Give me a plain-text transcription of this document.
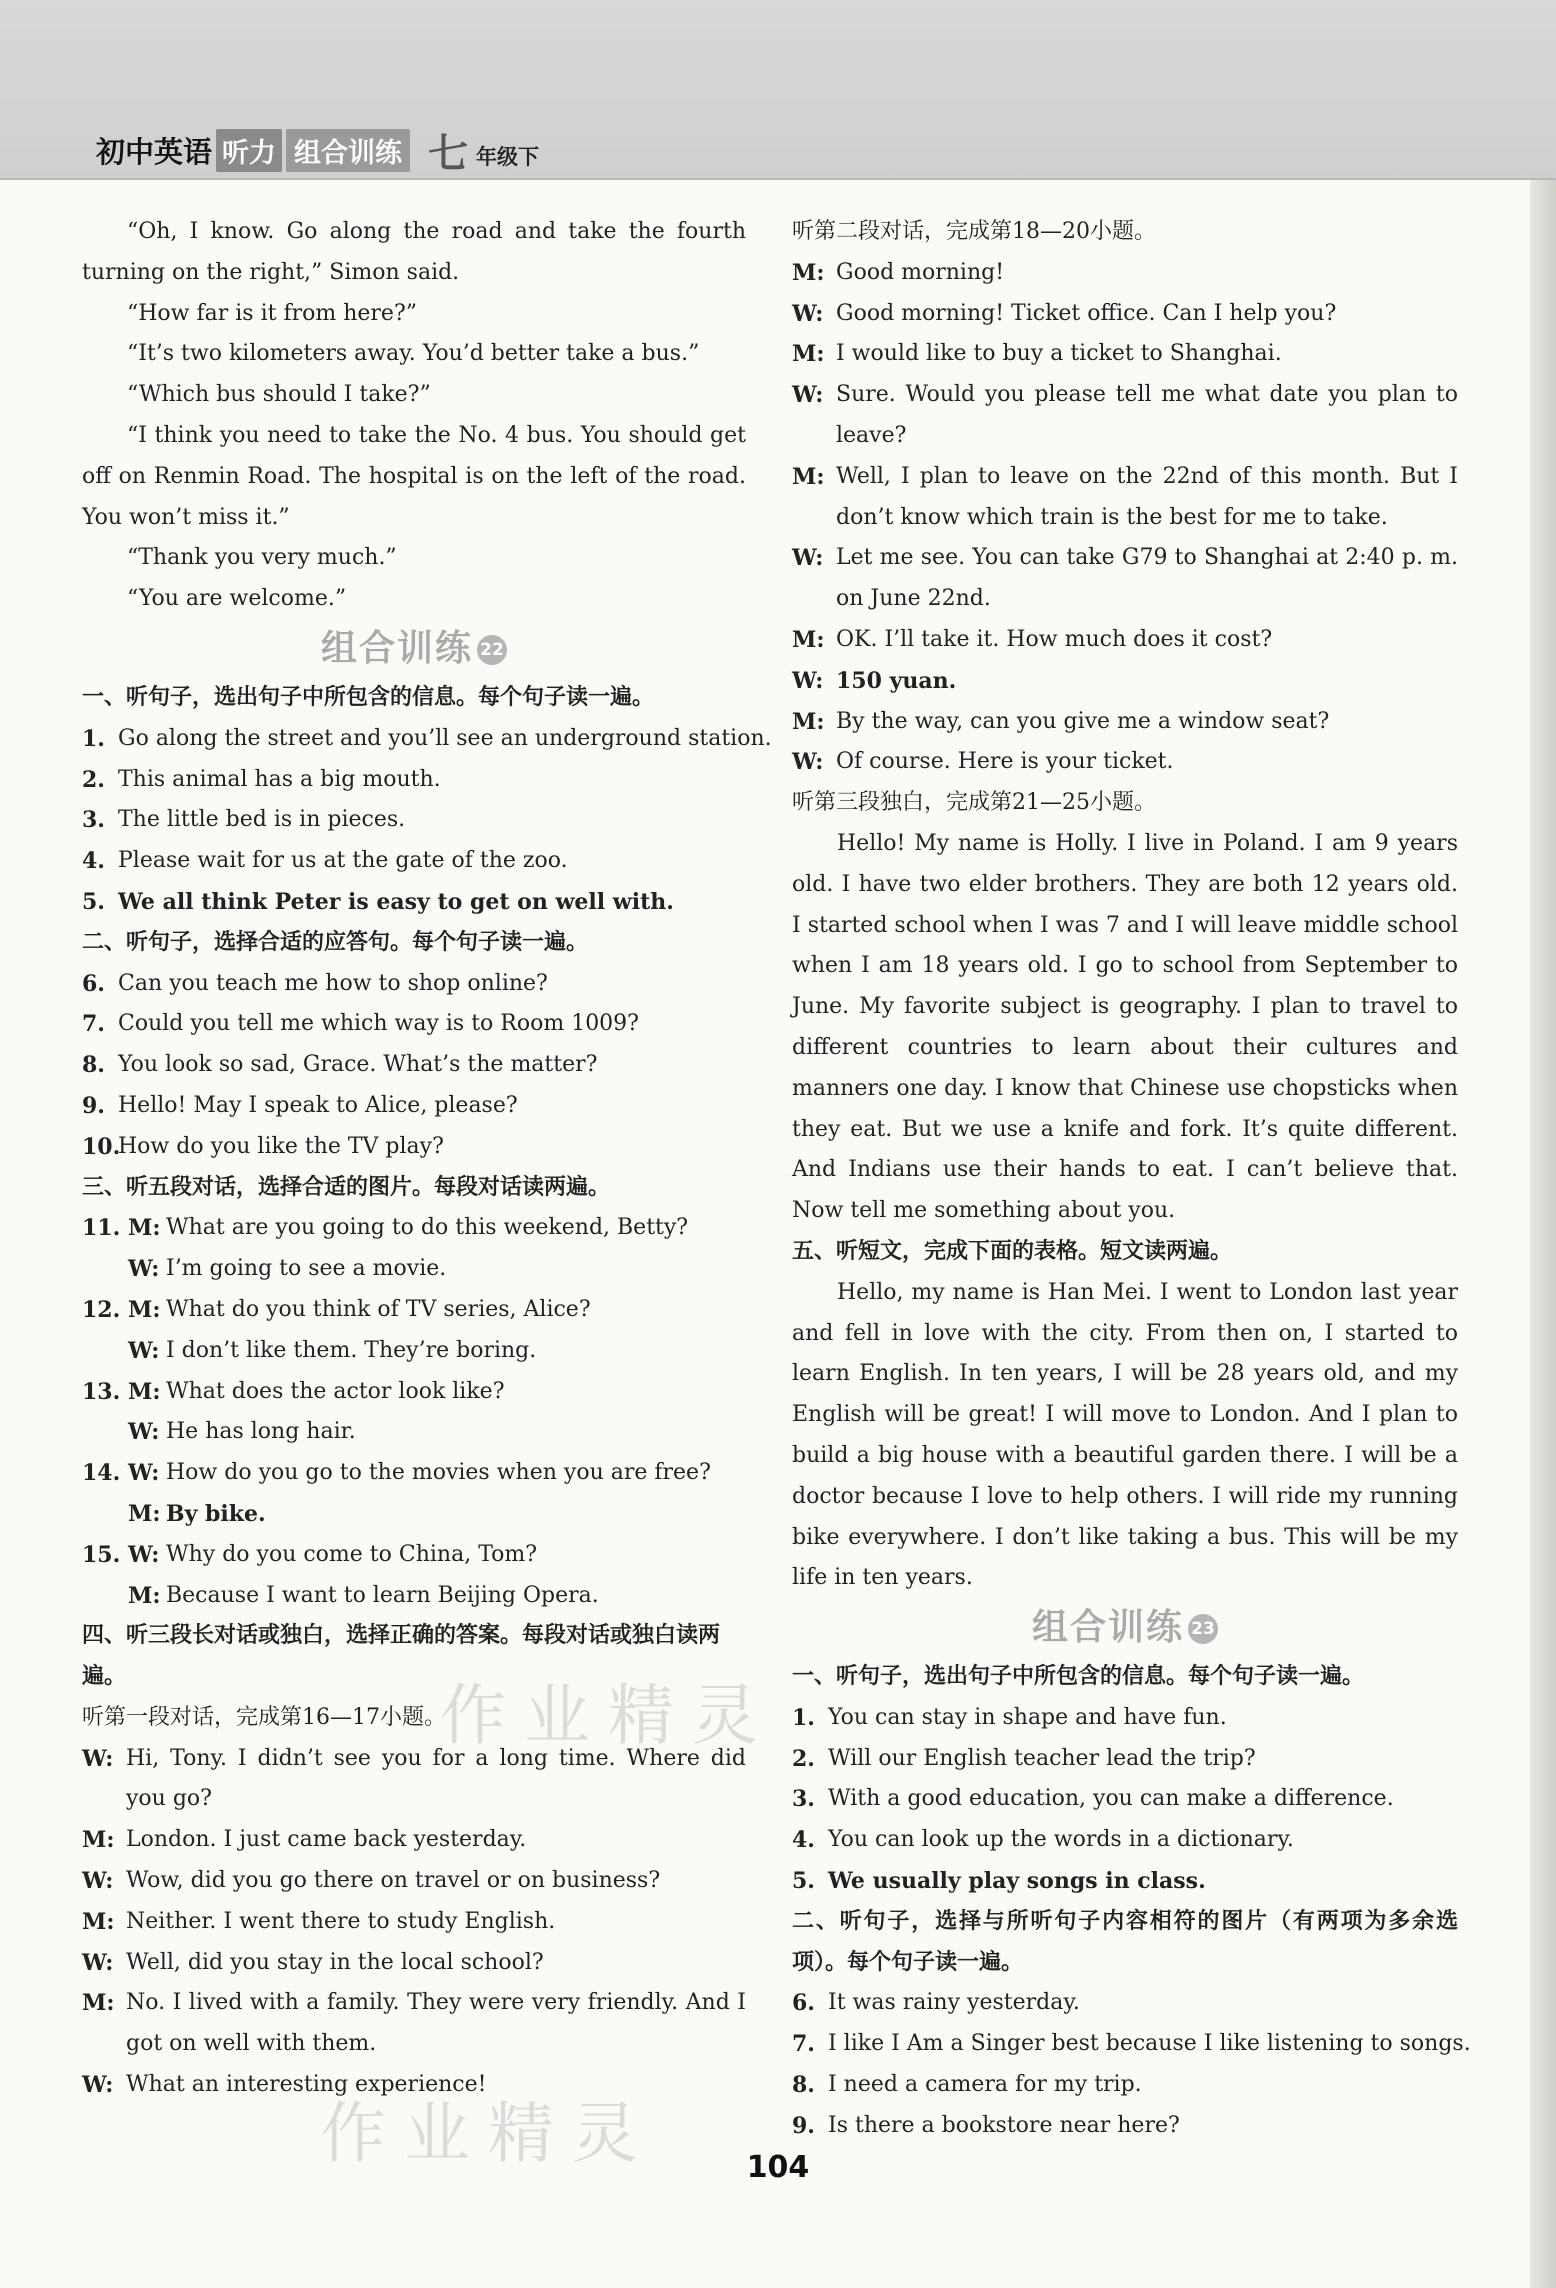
初中英语 听力 组合训练 七 年级下

“Oh, I know. Go along the road and take the fourth turning on the right,” Simon said.

“How far is it from here?”

“It’s two kilometers away. You’d better take a bus.”

“Which bus should I take?”

“I think you need to take the No. 4 bus. You should get off on Renmin Road. The hospital is on the left of the road. You won’t miss it.”

“Thank you very much.”

“You are welcome.”

组合训练 22

一、听句子，选出句子中所包含的信息。每个句子读一遍。

1. Go along the street and you’ll see an underground station.
2. This animal has a big mouth.
3. The little bed is in pieces.
4. Please wait for us at the gate of the zoo.
5. We all think Peter is easy to get on well with.

二、听句子，选择合适的应答句。每个句子读一遍。

6. Can you teach me how to shop online?
7. Could you tell me which way is to Room 1009?
8. You look so sad, Grace. What’s the matter?
9. Hello! May I speak to Alice, please?
10.
How do you like the TV play?

三、听五段对话，选择合适的图片。每段对话读两遍。

11. M: What are you going to do this weekend, Betty?
W: I’m going to see a movie.
12. M: What do you think of TV series, Alice?
W: I don’t like them. They’re boring.
13. M: What does the actor look like?
W: He has long hair.
14. W: How do you go to the movies when you are free?
M: By bike.
15. W: Why do you come to China, Tom?
M: Because I want to learn Beijing Opera.

四、听三段长对话或独白，选择正确的答案。每段对话或独白读两遍。

听第一段对话，完成第16—17小题。

W: Hi, Tony. I didn’t see you for a long time. Where did you go?
M: London. I just came back yesterday.
W: Wow, did you go there on travel or on business?
M: Neither. I went there to study English.
W: Well, did you stay in the local school?
M: No. I lived with a family. They were very friendly. And I got on well with them.
W: What an interesting experience!

听第二段对话，完成第18—20小题。

M: Good morning!
W: Good morning! Ticket office. Can I help you?
M: I would like to buy a ticket to Shanghai.
W: Sure. Would you please tell me what date you plan to leave?
M: Well, I plan to leave on the 22nd of this month. But I don’t know which train is the best for me to take.
W: Let me see. You can take G79 to Shanghai at 2:40 p. m. on June 22nd.
M: OK. I’ll take it. How much does it cost?
W: 150 yuan.
M: By the way, can you give me a window seat?
W: Of course. Here is your ticket.

听第三段独白，完成第21—25小题。

Hello! My name is Holly. I live in Poland. I am 9 years old. I have two elder brothers. They are both 12 years old. I started school when I was 7 and I will leave middle school when I am 18 years old. I go to school from September to June. My favorite subject is geography. I plan to travel to different countries to learn about their cultures and manners one day. I know that Chinese use chopsticks when they eat. But we use a knife and fork. It’s quite different. And Indians use their hands to eat. I can’t believe that. Now tell me something about you.

五、听短文，完成下面的表格。短文读两遍。

Hello, my name is Han Mei. I went to London last year and fell in love with the city. From then on, I started to learn English. In ten years, I will be 28 years old, and my English will be great! I will move to London. And I plan to build a big house with a beautiful garden there. I will be a doctor because I love to help others. I will ride my running bike everywhere. I don’t like taking a bus. This will be my life in ten years.

组合训练 23

一、听句子，选出句子中所包含的信息。每个句子读一遍。

1. You can stay in shape and have fun.
2. Will our English teacher lead the trip?
3. With a good education, you can make a difference.
4. You can look up the words in a dictionary.
5. We usually play songs in class.

二、听句子，选择与所听句子内容相符的图片（有两项为多余选项）。每个句子读一遍。

6. It was rainy yesterday.
7. I like I Am a Singer best because I like listening to songs.
8. I need a camera for my trip.
9. Is there a bookstore near here?
104
作业精灵
作业精灵
